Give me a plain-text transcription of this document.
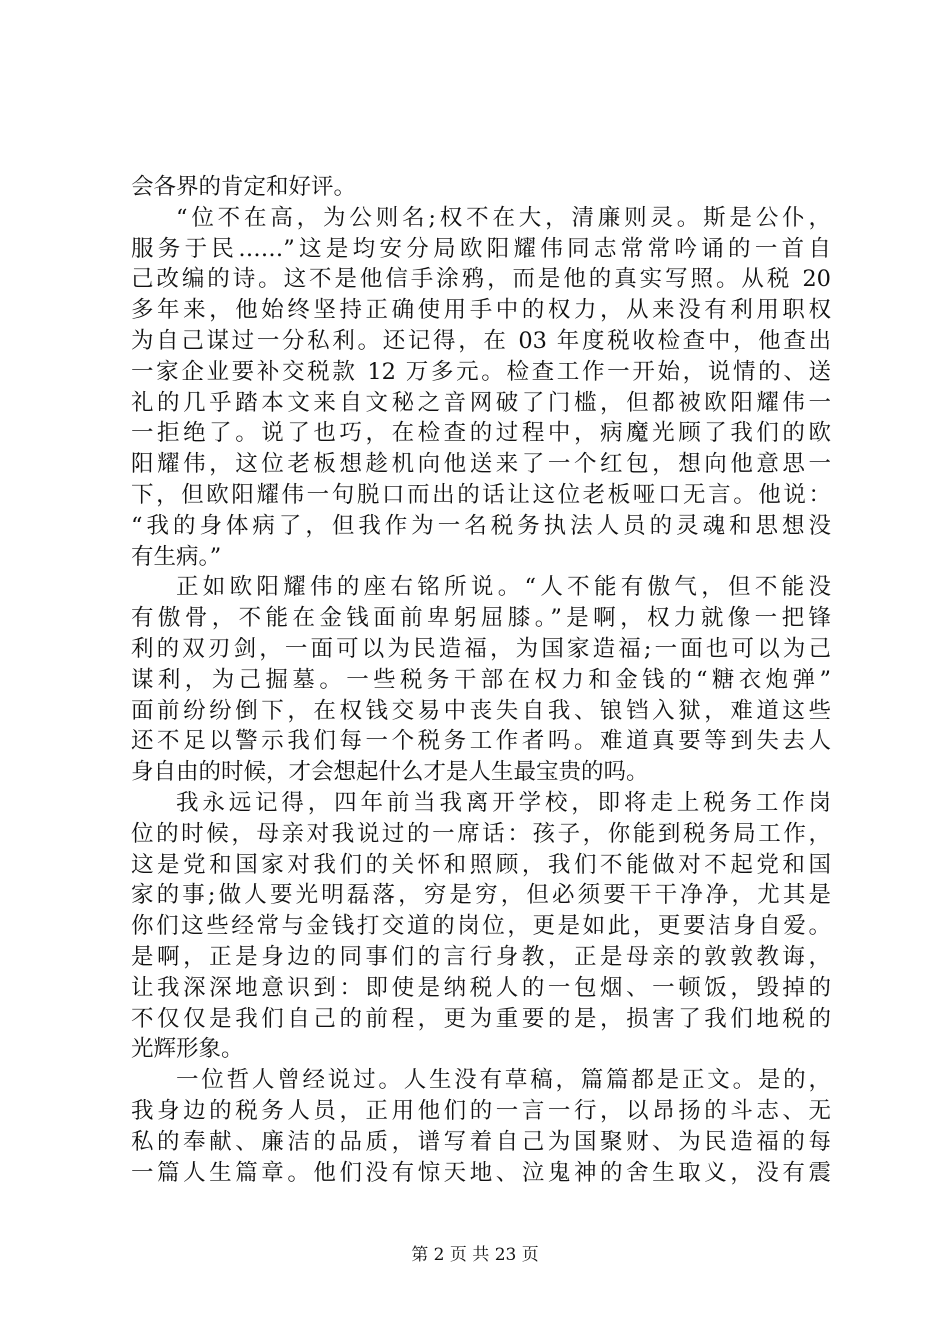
会各界的肯定和好评。
“位不在高，为公则名;权不在大，清廉则灵。斯是公仆，
服务于民……”这是均安分局欧阳耀伟同志常常吟诵的一首自
己改编的诗。这不是他信手涂鸦，而是他的真实写照。从税 20
多年来，他始终坚持正确使用手中的权力，从来没有利用职权
为自己谋过一分私利。还记得，在 03 年度税收检查中，他查出
一家企业要补交税款 12 万多元。检查工作一开始，说情的、送
礼的几乎踏本文来自文秘之音网破了门槛，但都被欧阳耀伟一
一拒绝了。说了也巧，在检查的过程中，病魔光顾了我们的欧
阳耀伟，这位老板想趁机向他送来了一个红包，想向他意思一
下，但欧阳耀伟一句脱口而出的话让这位老板哑口无言。他说：
“我的身体病了，但我作为一名税务执法人员的灵魂和思想没
有生病。”
正如欧阳耀伟的座右铭所说。“人不能有傲气，但不能没
有傲骨，不能在金钱面前卑躬屈膝。”是啊，权力就像一把锋
利的双刃剑，一面可以为民造福，为国家造福;一面也可以为己
谋利，为己掘墓。一些税务干部在权力和金钱的“糖衣炮弹”
面前纷纷倒下，在权钱交易中丧失自我、锒铛入狱，难道这些
还不足以警示我们每一个税务工作者吗。难道真要等到失去人
身自由的时候，才会想起什么才是人生最宝贵的吗。
我永远记得，四年前当我离开学校，即将走上税务工作岗
位的时候，母亲对我说过的一席话：孩子，你能到税务局工作，
这是党和国家对我们的关怀和照顾，我们不能做对不起党和国
家的事;做人要光明磊落，穷是穷，但必须要干干净净，尤其是
你们这些经常与金钱打交道的岗位，更是如此，更要洁身自爱。
是啊，正是身边的同事们的言行身教，正是母亲的敦敦教诲，
让我深深地意识到：即使是纳税人的一包烟、一顿饭，毁掉的
不仅仅是我们自己的前程，更为重要的是，损害了我们地税的
光辉形象。
一位哲人曾经说过。人生没有草稿，篇篇都是正文。是的，
我身边的税务人员，正用他们的一言一行，以昂扬的斗志、无
私的奉献、廉洁的品质，谱写着自己为国聚财、为民造福的每
一篇人生篇章。他们没有惊天地、泣鬼神的舍生取义，没有震
第 2 页 共 23 页
